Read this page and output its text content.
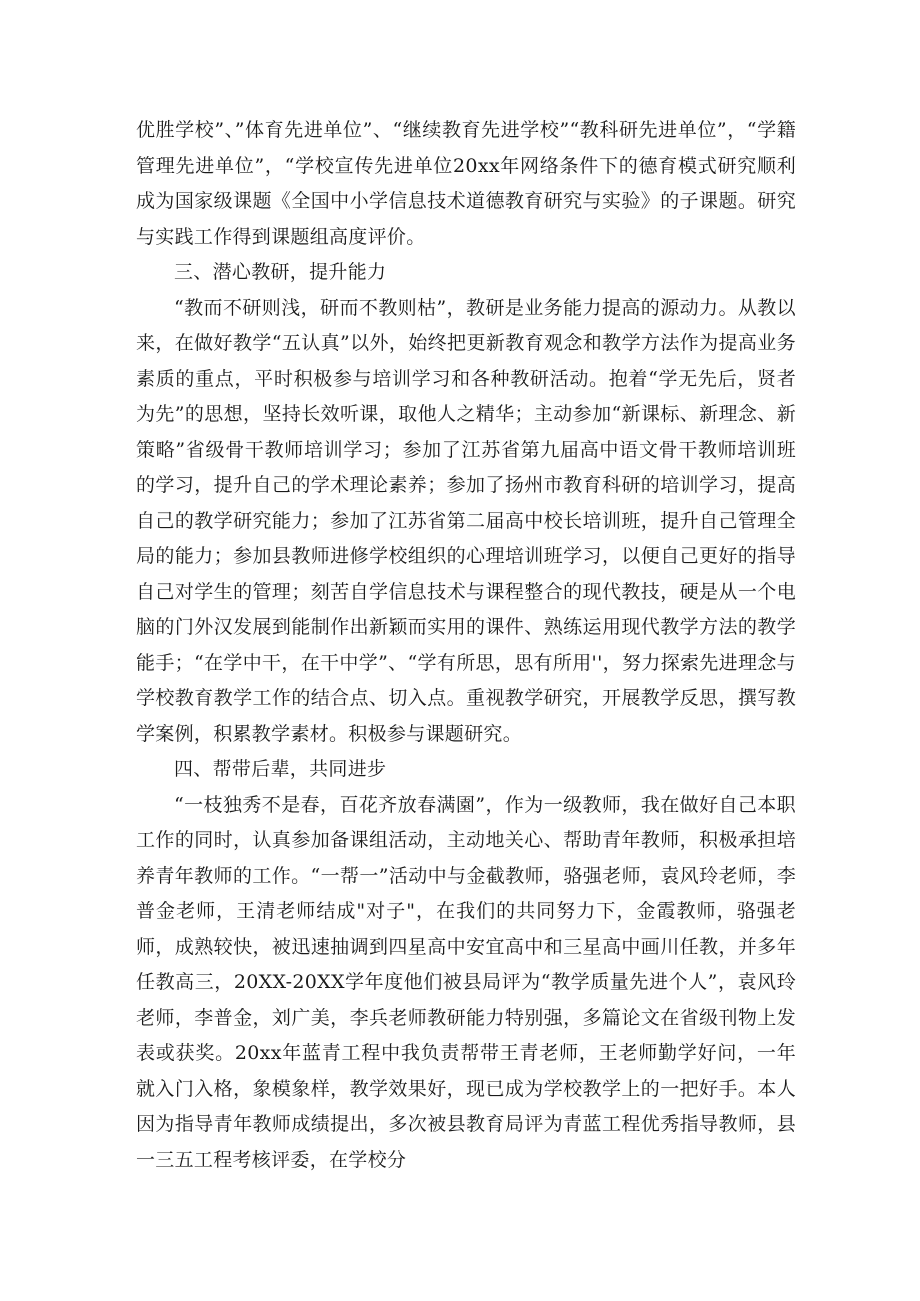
优胜学校”、”体育先进单位”、“继续教育先进学校”“教科研先进单位”，“学籍管理先进单位”，“学校宣传先进单位20xx年网络条件下的德育模式研究顺利成为国家级课题《全国中小学信息技术道德教育研究与实验》的子课题。研究与实践工作得到课题组高度评价。

三、潜心教研，提升能力

“教而不研则浅，研而不教则枯”，教研是业务能力提高的源动力。从教以来，在做好教学“五认真”以外，始终把更新教育观念和教学方法作为提高业务素质的重点，平时积极参与培训学习和各种教研活动。抱着“学无先后，贤者为先”的思想，坚持长效听课，取他人之精华；主动参加“新课标、新理念、新策略”省级骨干教师培训学习；参加了江苏省第九届高中语文骨干教师培训班的学习，提升自己的学术理论素养；参加了扬州市教育科研的培训学习，提高自己的教学研究能力；参加了江苏省第二届高中校长培训班，提升自己管理全局的能力；参加县教师进修学校组织的心理培训班学习，以便自己更好的指导自己对学生的管理；刻苦自学信息技术与课程整合的现代教技，硬是从一个电脑的门外汉发展到能制作出新颖而实用的课件、熟练运用现代教学方法的教学能手；“在学中干，在干中学”、“学有所思，思有所用''，努力探索先进理念与学校教育教学工作的结合点、切入点。重视教学研究，开展教学反思，撰写教学案例，积累教学素材。积极参与课题研究。

四、帮带后辈，共同进步

“一枝独秀不是春，百花齐放春满園”，作为一级教师，我在做好自己本职工作的同时，认真参加备课组活动，主动地关心、帮助青年教师，积极承担培养青年教师的工作。“一帮一”活动中与金截教师，骆强老师，袁风玲老师，李普金老师，王清老师结成"对子"，在我们的共同努力下，金霞教师，骆强老师，成熟较快，被迅速抽调到四星高中安宜高中和三星高中画川任教，并多年任教高三，20XX-20XX学年度他们被县局评为“教学质量先进个人”，袁风玲老师，李普金，刘广美，李兵老师教研能力特别强，多篇论文在省级刊物上发表或获奖。20xx年蓝青工程中我负责帮带王青老师，王老师勤学好问，一年就入门入格，象模象样，教学效果好，现已成为学校教学上的一把好手。本人因为指导青年教师成绩提出，多次被县教育局评为青蓝工程优秀指导教师，县一三五工程考核评委，在学校分
